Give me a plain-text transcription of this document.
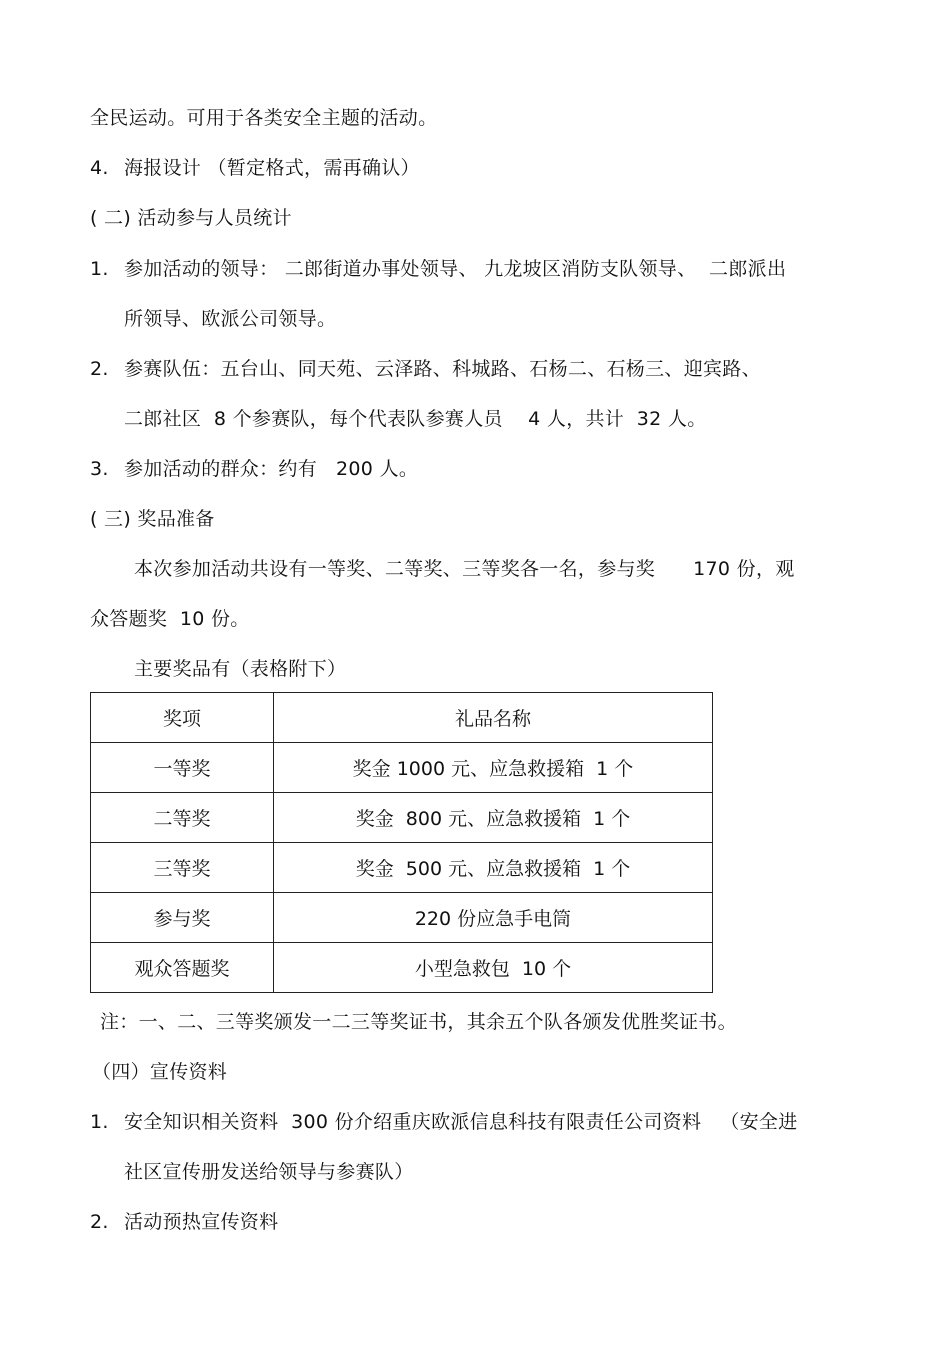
全民运动。可用于各类安全主题的活动。
4. 海报设计 （暂定格式，需再确认）
( 二) 活动参与人员统计
1. 参加活动的领导： 二郎街道办事处领导、 九龙坡区消防支队领导、  二郎派出
所领导、欧派公司领导。
2. 参赛队伍：五台山、同天苑、云泽路、科城路、石杨二、石杨三、迎宾路、
二郎社区  8 个参赛队，每个代表队参赛人员    4 人，共计  32 人。
3. 参加活动的群众：约有   200 人。
( 三) 奖品准备
本次参加活动共设有一等奖、二等奖、三等奖各一名，参与奖      170 份，观
众答题奖  10 份。
主要奖品有（表格附下）
奖项	礼品名称
一等奖	奖金 1000 元、应急救援箱  1 个
二等奖	奖金  800 元、应急救援箱  1 个
三等奖	奖金  500 元、应急救援箱  1 个
参与奖	220 份应急手电筒
观众答题奖	小型急救包  10 个
注：一、二、三等奖颁发一二三等奖证书，其余五个队各颁发优胜奖证书。
（四）宣传资料
1. 安全知识相关资料  300 份介绍重庆欧派信息科技有限责任公司资料   （安全进
社区宣传册发送给领导与参赛队）
2. 活动预热宣传资料
